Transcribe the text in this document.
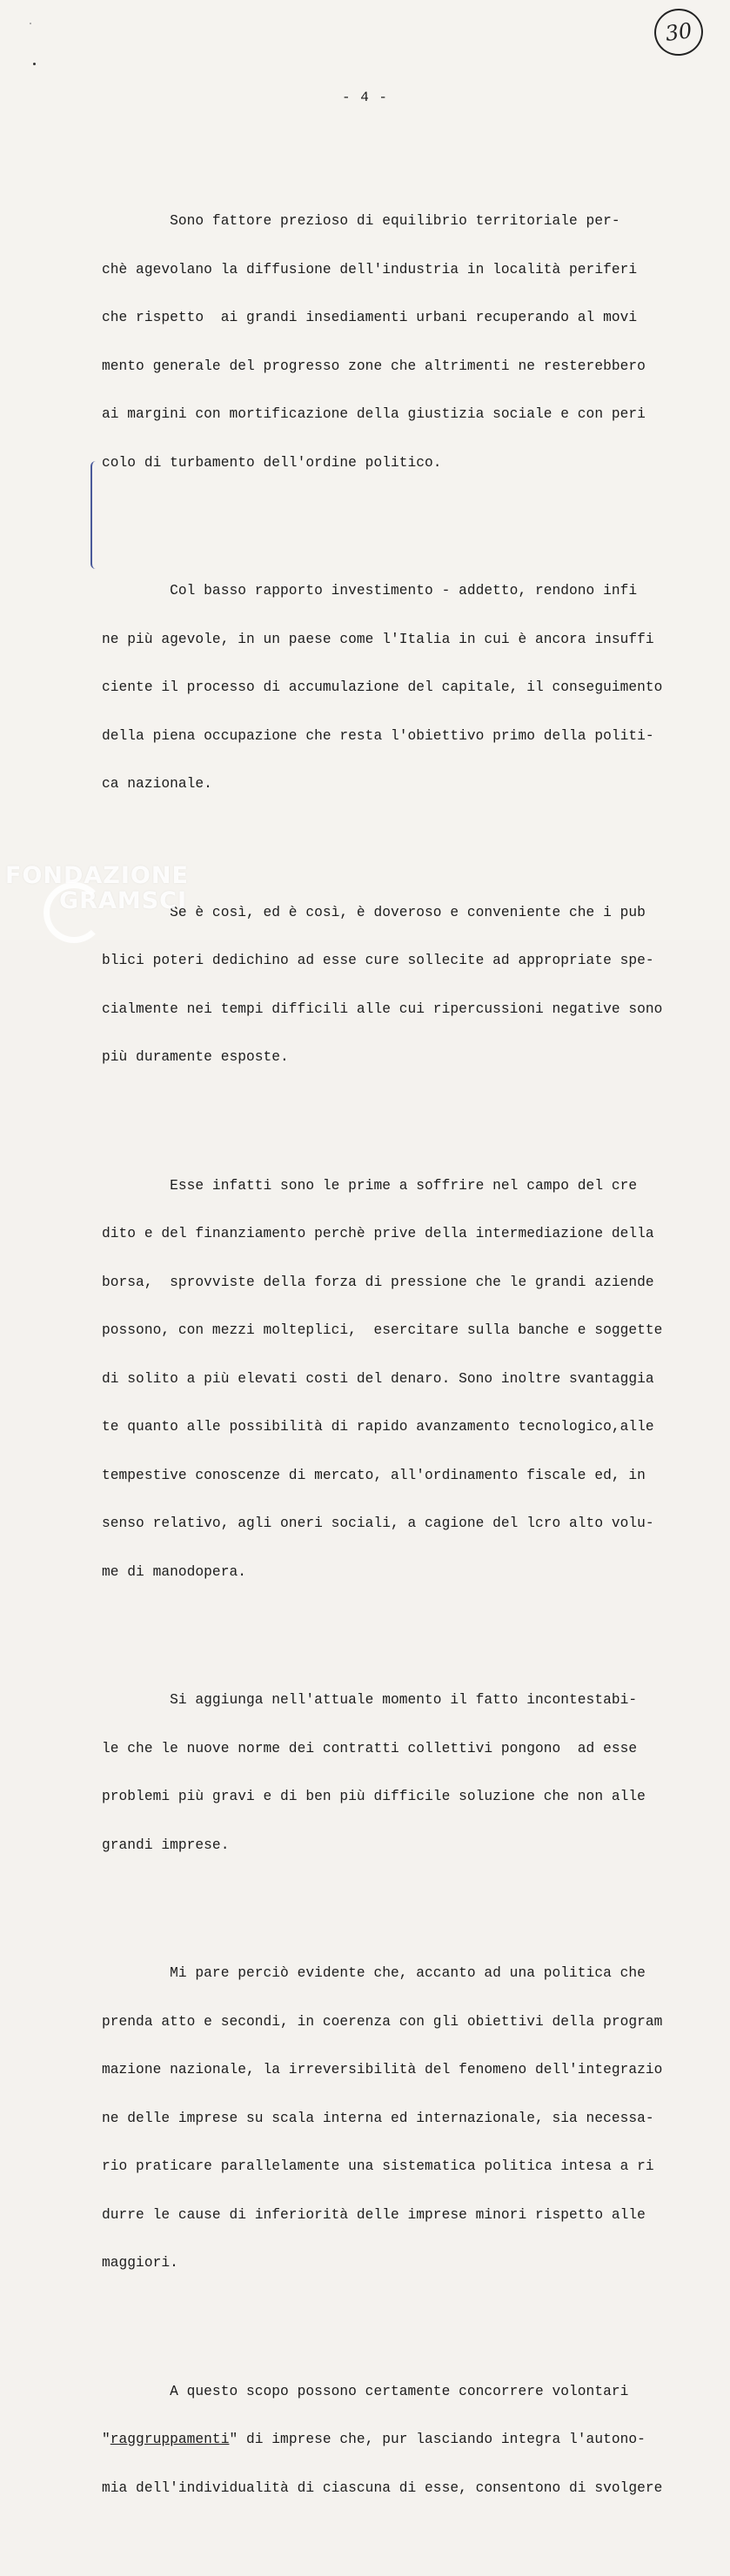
30
- 4 -

Sono fattore prezioso di equilibrio territoriale per-

chè agevolano la diffusione dell'industria in località periferi

che rispetto  ai grandi insediamenti urbani recuperando al movi

mento generale del progresso zone che altrimenti ne resterebbero

ai margini con mortificazione della giustizia sociale e con peri

colo di turbamento dell'ordine politico.

Col basso rapporto investimento - addetto, rendono infi

ne più agevole, in un paese come l'Italia in cui è ancora insuffi

ciente il processo di accumulazione del capitale, il conseguimento

della piena occupazione che resta l'obiettivo primo della politi-

ca nazionale.

Se è così, ed è così, è doveroso e conveniente che i pub

blici poteri dedichino ad esse cure sollecite ad appropriate spe-

cialmente nei tempi difficili alle cui ripercussioni negative sono

più duramente esposte.

Esse infatti sono le prime a soffrire nel campo del cre

dito e del finanziamento perchè prive della intermediazione della

borsa,  sprovviste della forza di pressione che le grandi aziende

possono, con mezzi molteplici,  esercitare sulla banche e soggette

di solito a più elevati costi del denaro. Sono inoltre svantaggia

te quanto alle possibilità di rapido avanzamento tecnologico,alle

tempestive conoscenze di mercato, all'ordinamento fiscale ed, in

senso relativo, agli oneri sociali, a cagione del lcro alto volu-

me di manodopera.

Si aggiunga nell'attuale momento il fatto incontestabi-

le che le nuove norme dei contratti collettivi pongono  ad esse

problemi più gravi e di ben più difficile soluzione che non alle

grandi imprese.

Mi pare perciò evidente che, accanto ad una politica che

prenda atto e secondi, in coerenza con gli obiettivi della program

mazione nazionale, la irreversibilità del fenomeno dell'integrazio

ne delle imprese su scala interna ed internazionale, sia necessa-

rio praticare parallelamente una sistematica politica intesa a ri

durre le cause di inferiorità delle imprese minori rispetto alle

maggiori.

A questo scopo possono certamente concorrere volontari

"raggruppamenti" di imprese che, pur lasciando integra l'autono-

mia dell'individualità di ciascuna di esse, consentono di svolgere

FONDAZIONE
GRAMSCI
